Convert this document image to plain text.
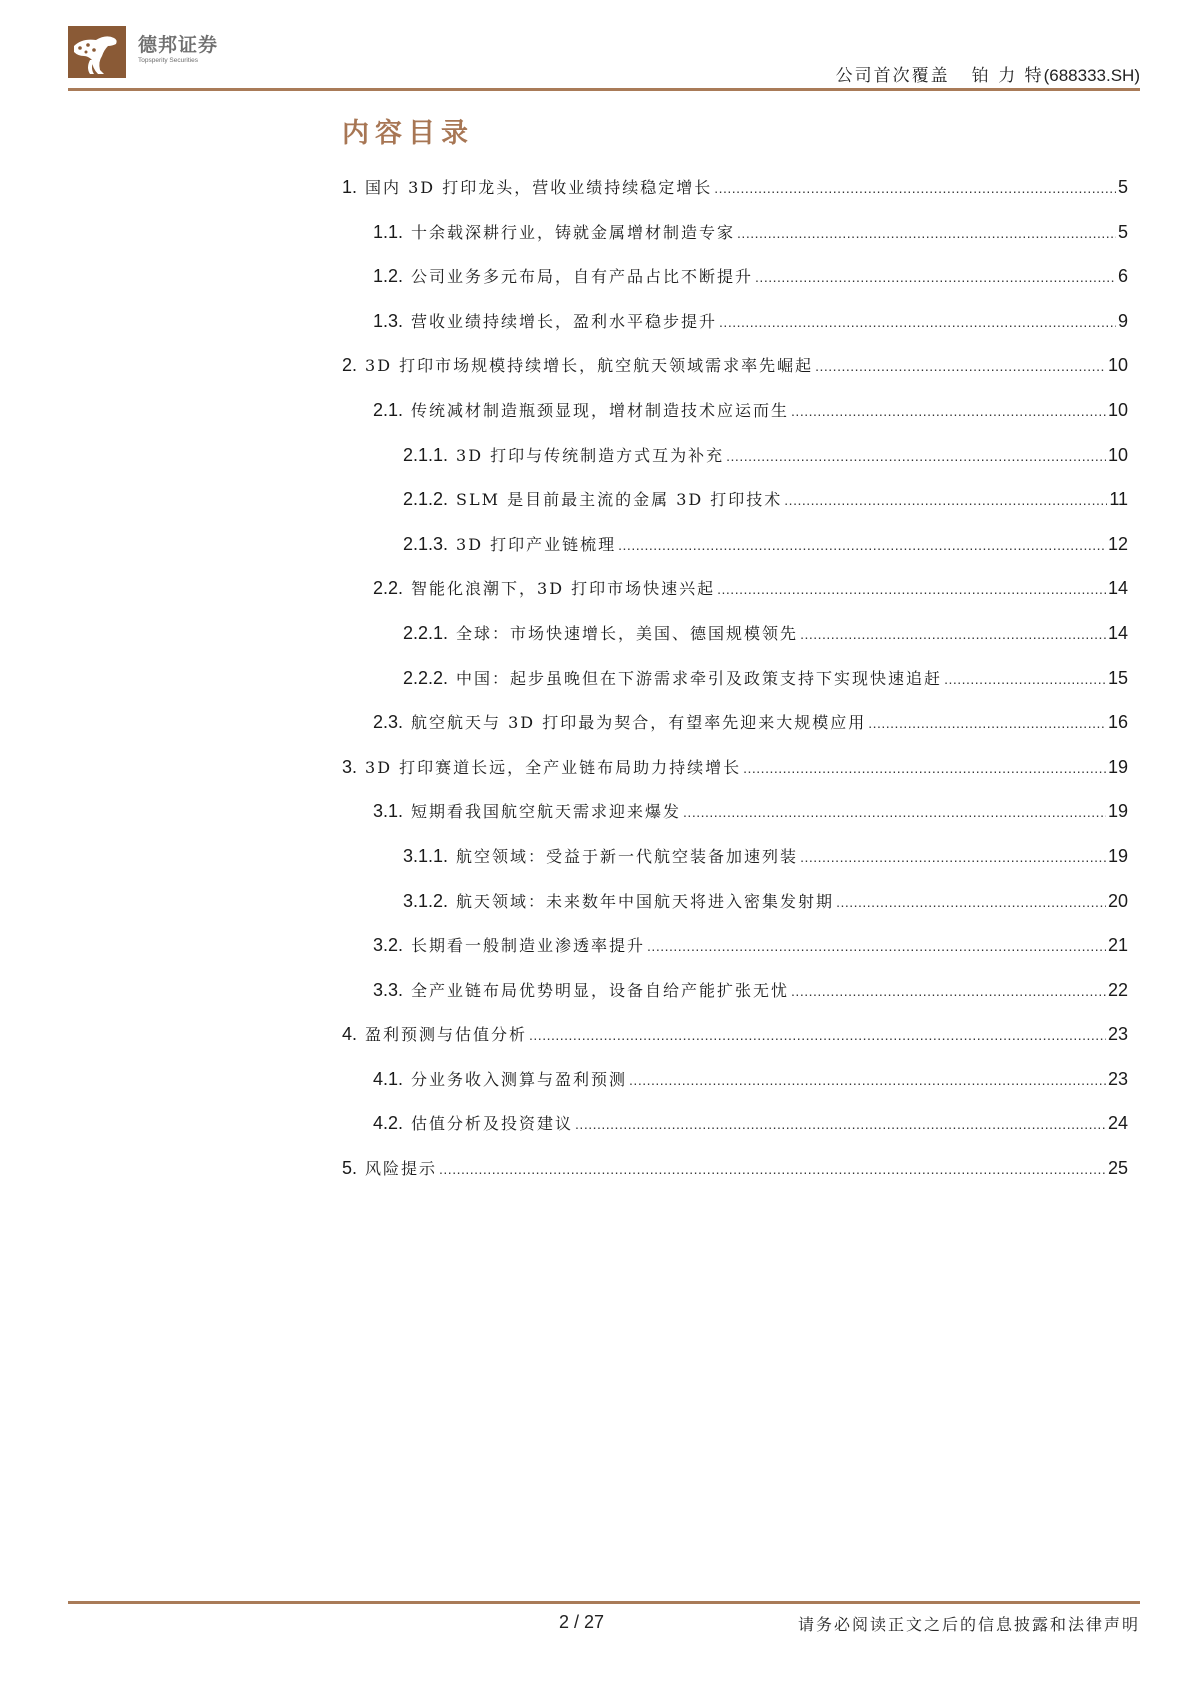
德邦证券
Topsperity Securities
公司首次覆盖 铂 力 特(688333.SH)
内容目录
1. 国内 3D 打印龙头，营收业绩持续稳定增长 .....	5
1.1. 十余载深耕行业，铸就金属增材制造专家 .....	5
1.2. 公司业务多元布局，自有产品占比不断提升 .....	6
1.3. 营收业绩持续增长，盈利水平稳步提升 .....	9
2. 3D 打印市场规模持续增长，航空航天领域需求率先崛起 .....	10
2.1. 传统减材制造瓶颈显现，增材制造技术应运而生 .....	10
2.1.1. 3D 打印与传统制造方式互为补充 .....	10
2.1.2. SLM 是目前最主流的金属 3D 打印技术 .....	11
2.1.3. 3D 打印产业链梳理 .....	12
2.2. 智能化浪潮下，3D 打印市场快速兴起 .....	14
2.2.1. 全球：市场快速增长，美国、德国规模领先 .....	14
2.2.2. 中国：起步虽晚但在下游需求牵引及政策支持下实现快速追赶 .....	15
2.3. 航空航天与 3D 打印最为契合，有望率先迎来大规模应用 .....	16
3. 3D 打印赛道长远，全产业链布局助力持续增长 .....	19
3.1. 短期看我国航空航天需求迎来爆发 .....	19
3.1.1. 航空领域：受益于新一代航空装备加速列装 .....	19
3.1.2. 航天领域：未来数年中国航天将进入密集发射期 .....	20
3.2. 长期看一般制造业渗透率提升 .....	21
3.3. 全产业链布局优势明显，设备自给产能扩张无忧 .....	22
4. 盈利预测与估值分析 .....	23
4.1. 分业务收入测算与盈利预测 .....	23
4.2. 估值分析及投资建议 .....	24
5. 风险提示 .....	25
2 / 27	请务必阅读正文之后的信息披露和法律声明
